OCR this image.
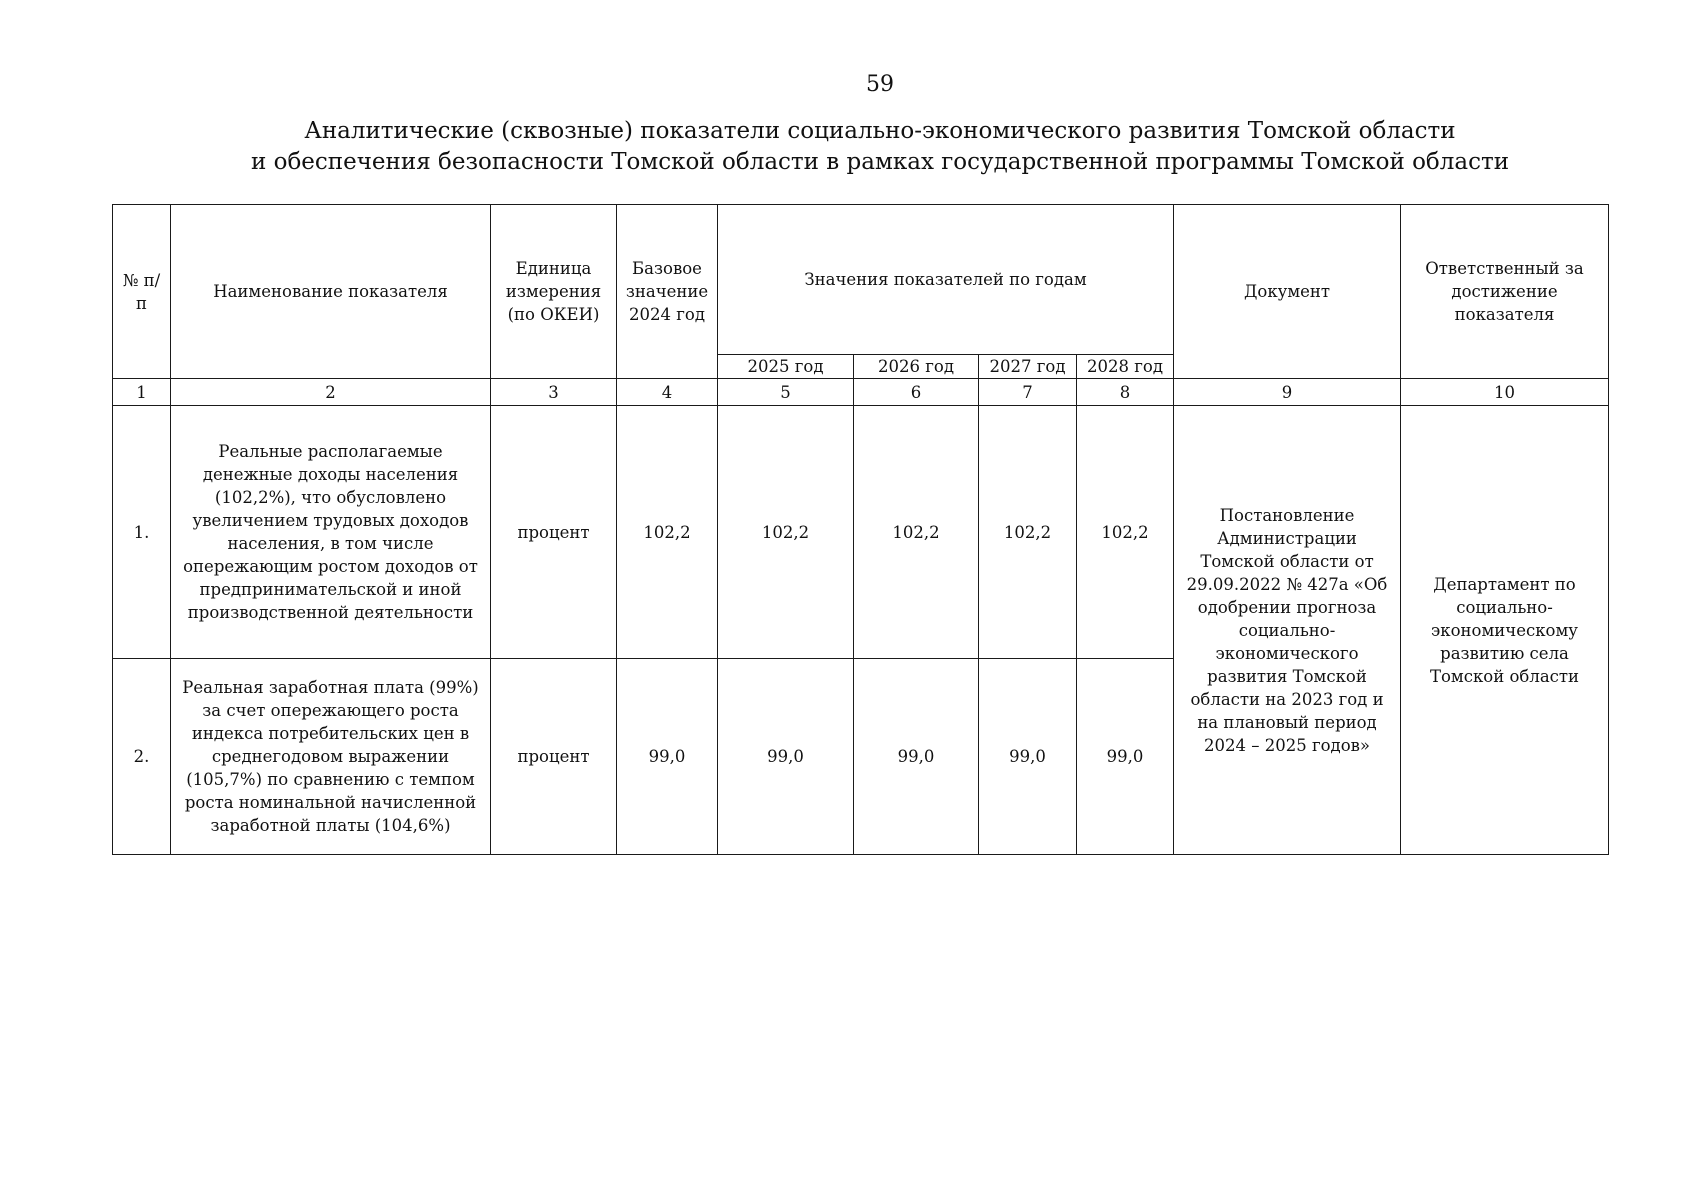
59
Аналитические (сквозные) показатели социально-экономического развития Томской области
и обеспечения безопасности Томской области в рамках государственной программы Томской области
№ п/п	Наименование показателя	Единица измерения (по ОКЕИ)	Базовое значение 2024 год	Значения показателей по годам				Документ	Ответственный за достижение показателя
				2025 год	2026 год	2027 год	2028 год		
1	2	3	4	5	6	7	8	9	10
1.	Реальные располагаемые денежные доходы населения (102,2%), что обусловлено увеличением трудовых доходов населения, в том числе опережающим ростом доходов от предпринимательской и иной производственной деятельности	процент	102,2	102,2	102,2	102,2	102,2	Постановление Администрации Томской области от 29.09.2022 № 427а «Об одобрении прогноза социально-экономического развития Томской области на 2023 год и на плановый период 2024 – 2025 годов»	Департамент по социально-экономическому развитию села Томской области
2.	Реальная заработная плата (99%) за счет опережающего роста индекса потребительских цен в среднегодовом выражении (105,7%) по сравнению с темпом роста номинальной начисленной заработной платы (104,6%)	процент	99,0	99,0	99,0	99,0	99,0		
